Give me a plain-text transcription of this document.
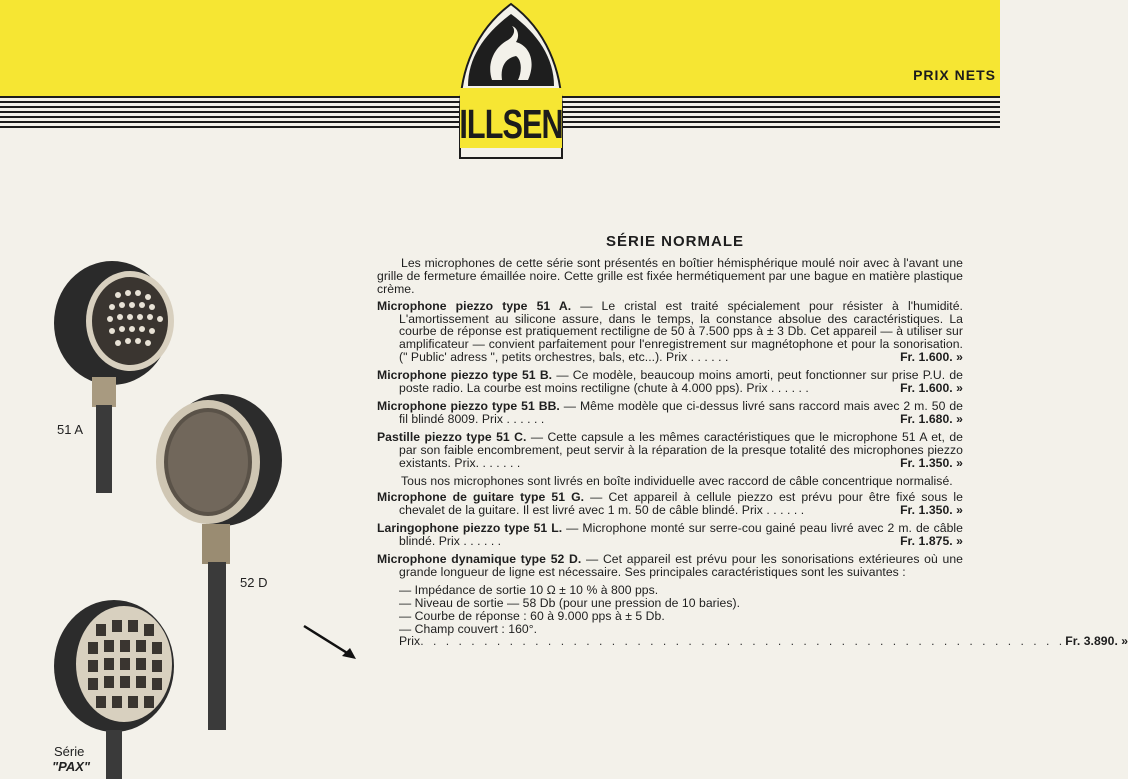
PRIX NETS
ILLSEN
51 A
52 D
Série
"PAX"
SÉRIE NORMALE
Les microphones de cette série sont présentés en boîtier hémisphérique moulé noir avec à l'avant une grille de fermeture émaillée noire. Cette grille est fixée hermétiquement par une bague en matière plastique crème.
Microphone piezzo type 51 A. — Le cristal est traité spécialement pour résister à l'humidité. L'amortissement au silicone assure, dans le temps, la constance absolue des caractéristiques. La courbe de réponse est pratiquement rectiligne de 50 à 7.500 pps à ± 3 Db. Cet appareil — à utiliser sur amplificateur — convient parfaitement pour l'enregistrement sur magnétophone et pour la sonorisation. (" Public' adress ", petits orchestres, bals, etc...). Prix . . . . . .	Fr. 1.600. »
Microphone piezzo type 51 B. — Ce modèle, beaucoup moins amorti, peut fonctionner sur prise P.U. de poste radio. La courbe est moins rectiligne (chute à 4.000 pps). Prix . . . . . .	Fr. 1.600. »
Microphone piezzo type 51 BB. — Même modèle que ci-dessus livré sans raccord mais avec 2 m. 50 de fil blindé 8009. Prix . . . . . .	Fr. 1.680. »
Pastille piezzo type 51 C. — Cette capsule a les mêmes caractéristiques que le microphone 51 A et, de par son faible encombrement, peut servir à la réparation de la presque totalité des microphones piezzo existants. Prix. . . . . . .	Fr. 1.350. »
Tous nos microphones sont livrés en boîte individuelle avec raccord de câble concentrique normalisé.
Microphone de guitare type 51 G. — Cet appareil à cellule piezzo est prévu pour être fixé sous le chevalet de la guitare. Il est livré avec 1 m. 50 de câble blindé. Prix . . . . . .	Fr. 1.350. »
Laringophone piezzo type 51 L. — Microphone monté sur serre-cou gainé peau livré avec 2 m. de câble blindé. Prix . . . . . .	Fr. 1.875. »
Microphone dynamique type 52 D. — Cet appareil est prévu pour les sonorisations extérieures où une grande longueur de ligne est nécessaire. Ses principales caractéristiques sont les suivantes :
— Impédance de sortie 10 Ω ± 10 % à 800 pps.
— Niveau de sortie — 58 Db (pour une pression de 10 baries).
— Courbe de réponse : 60 à 9.000 pps à ± 5 Db.
— Champ couvert : 160°.
Prix . . . . . . . . . . . . . . . . . . . . . . . . . . . . . . . . . . . . . . . . . . . . . . . . . . . Fr. 3.890. »
